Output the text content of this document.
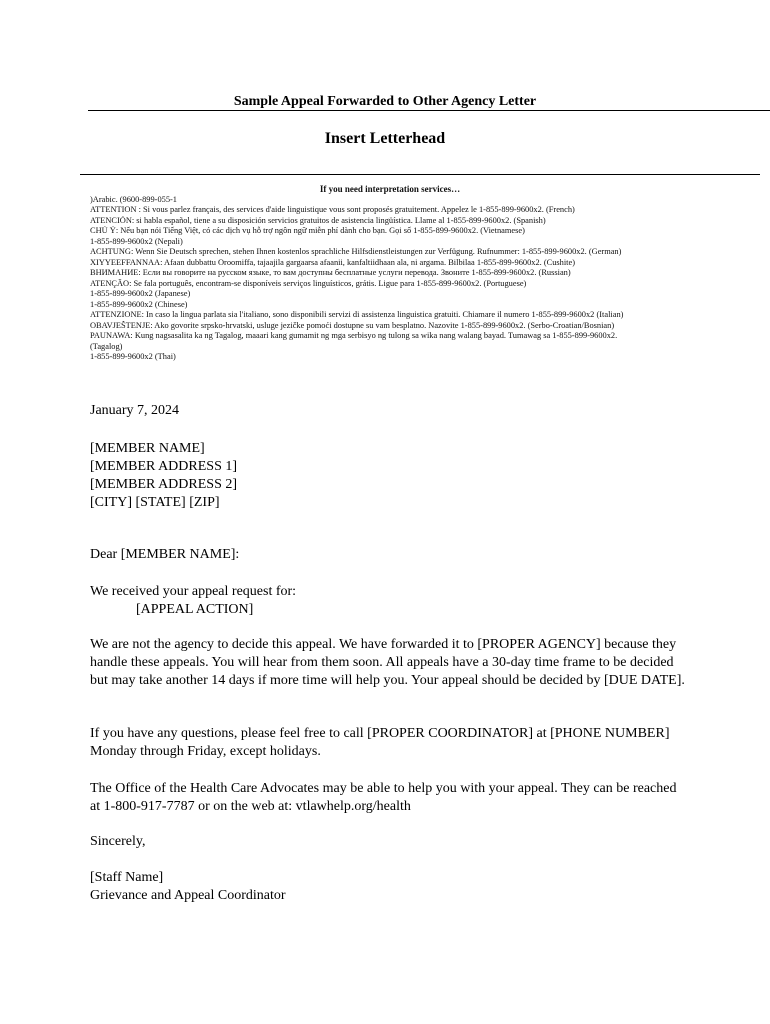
Sample Appeal Forwarded to Other Agency Letter
Insert Letterhead
If you need interpretation services…
)Arabic. (9600-899-055-1
ATTENTION : Si vous parlez français, des services d'aide linguistique vous sont proposés gratuitement. Appelez le 1-855-899-9600x2. (French)
ATENCIÓN: si habla español, tiene a su disposición servicios gratuitos de asistencia lingüística. Llame al 1-855-899-9600x2. (Spanish)
CHÚ Ý: Nếu bạn nói Tiếng Việt, có các dịch vụ hỗ trợ ngôn ngữ miễn phí dành cho bạn. Gọi số 1-855-899-9600x2. (Vietnamese)
1-855-899-9600x2 (Nepali)
ACHTUNG: Wenn Sie Deutsch sprechen, stehen Ihnen kostenlos sprachliche Hilfsdienstleistungen zur Verfügung. Rufnummer: 1-855-899-9600x2. (German)
XIYYEEFFANNAA: Afaan dubbattu Oroomiffa, tajaajila gargaarsa afaanii, kanfaltiidhaan ala, ni argama. Bilbilaa 1-855-899-9600x2. (Cushite)
ВНИМАНИЕ: Если вы говорите на русском языке, то вам доступны бесплатные услуги перевода. Звоните 1-855-899-9600x2. (Russian)
ATENÇÃO: Se fala português, encontram-se disponíveis serviços linguísticos, grátis. Ligue para 1-855-899-9600x2. (Portuguese)
1-855-899-9600x2 (Japanese)
1-855-899-9600x2 (Chinese)
ATTENZIONE: In caso la lingua parlata sia l'italiano, sono disponibili servizi di assistenza linguistica gratuiti. Chiamare il numero 1-855-899-9600x2 (Italian)
OBAVJEŠTENJE: Ako govorite srpsko-hrvatski, usluge jezičke pomoći dostupne su vam besplatno. Nazovite 1-855-899-9600x2. (Serbo-Croatian/Bosnian)
PAUNAWA: Kung nagsasalita ka ng Tagalog, maaari kang gumamit ng mga serbisyo ng tulong sa wika nang walang bayad. Tumawag sa 1-855-899-9600x2.
(Tagalog)
1-855-899-9600x2 (Thai)
January 7, 2024
[MEMBER NAME]
[MEMBER ADDRESS 1]
[MEMBER ADDRESS 2]
[CITY] [STATE] [ZIP]
Dear [MEMBER NAME]:
We received your appeal request for:
[APPEAL ACTION]
We are not the agency to decide this appeal. We have forwarded it to [PROPER AGENCY] because they handle these appeals. You will hear from them soon. All appeals have a 30-day time frame to be decided but may take another 14 days if more time will help you. Your appeal should be decided by [DUE DATE].
If you have any questions, please feel free to call [PROPER COORDINATOR] at [PHONE NUMBER] Monday through Friday, except holidays.
The Office of the Health Care Advocates may be able to help you with your appeal. They can be reached at 1-800-917-7787 or on the web at: vtlawhelp.org/health
Sincerely,
[Staff Name]
Grievance and Appeal Coordinator
